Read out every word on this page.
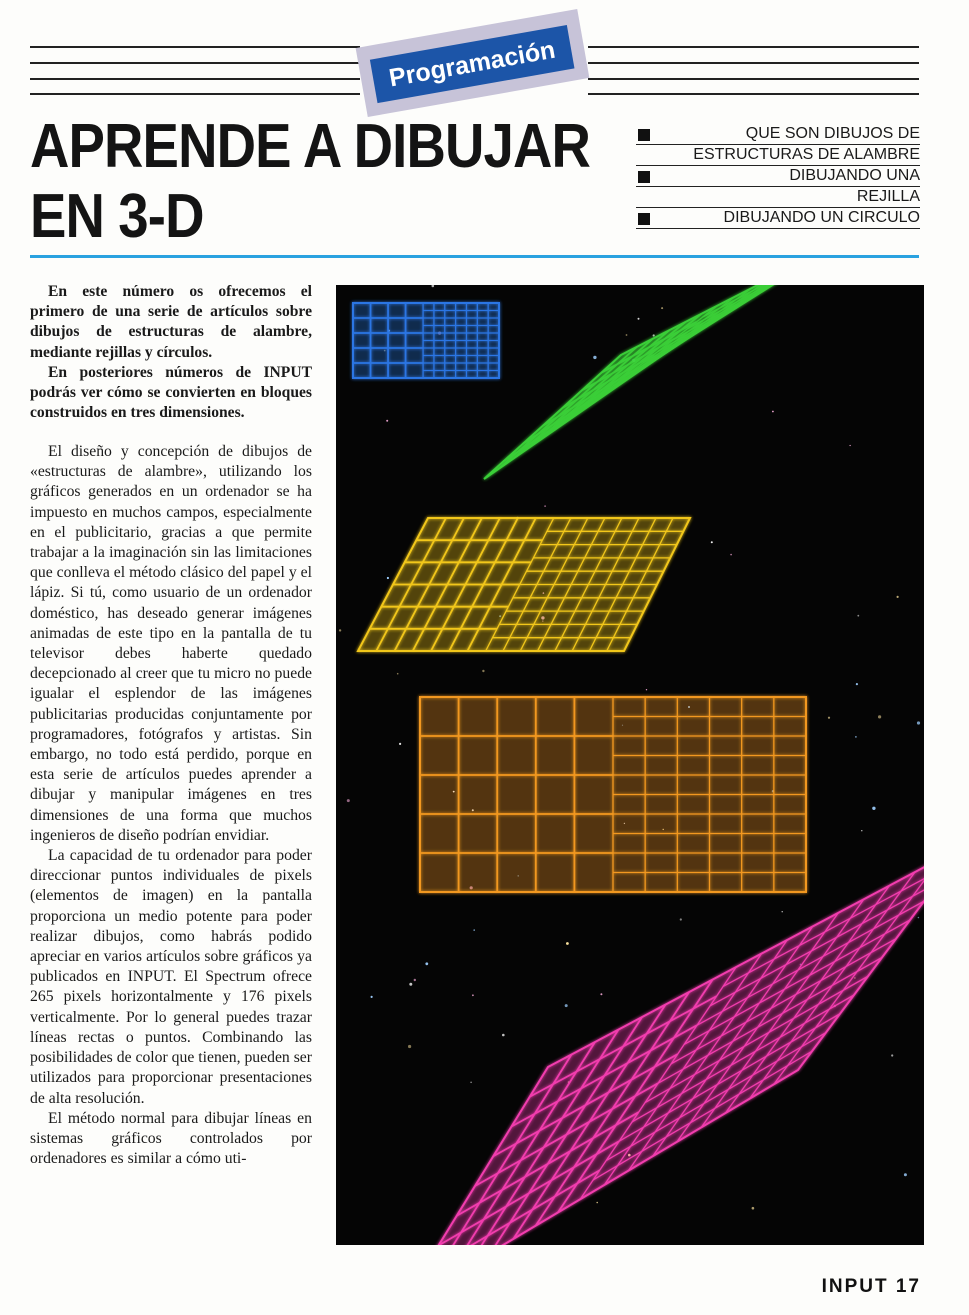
Programación
APRENDE A DIBUJAR
EN 3-D
QUE SON DIBUJOS DE
ESTRUCTURAS DE ALAMBRE
DIBUJANDO UNA
REJILLA
DIBUJANDO UN CIRCULO

En este número os ofrecemos el primero de una serie de artículos sobre dibujos de estructuras de alambre, mediante rejillas y círculos.

En posteriores números de INPUT podrás ver cómo se convierten en bloques construidos en tres dimensiones.

El diseño y concepción de dibujos de «estructuras de alambre», utilizando los gráficos generados en un ordenador se ha impuesto en muchos campos, especialmente en el publicitario, gracias a que permite trabajar a la imaginación sin las limitaciones que conlleva el método clásico del papel y el lápiz. Si tú, como usuario de un ordenador doméstico, has deseado generar imágenes animadas de este tipo en la pantalla de tu televisor debes haberte quedado decepcionado al creer que tu micro no puede igualar el esplendor de las imágenes publicitarias producidas conjuntamente por programadores, fotógrafos y artistas. Sin embargo, no todo está perdido, porque en esta serie de artículos puedes aprender a dibujar y manipular imágenes en tres dimensiones de una forma que muchos ingenieros de diseño podrían envidiar.

La capacidad de tu ordenador para poder direccionar puntos individuales de pixels (elementos de imagen) en la pantalla proporciona un medio potente para poder realizar dibujos, como habrás podido apreciar en varios artículos sobre gráficos ya publicados en INPUT. El Spectrum ofrece 265 pixels horizontalmente y 176 pixels verticalmente. Por lo general puedes trazar líneas rectas o puntos. Combinando las posibilidades de color que tienen, pueden ser utilizados para proporcionar presentaciones de alta resolución.

El método normal para dibujar líneas en sistemas gráficos controlados por ordenadores es similar a cómo uti-

INPUT 17
